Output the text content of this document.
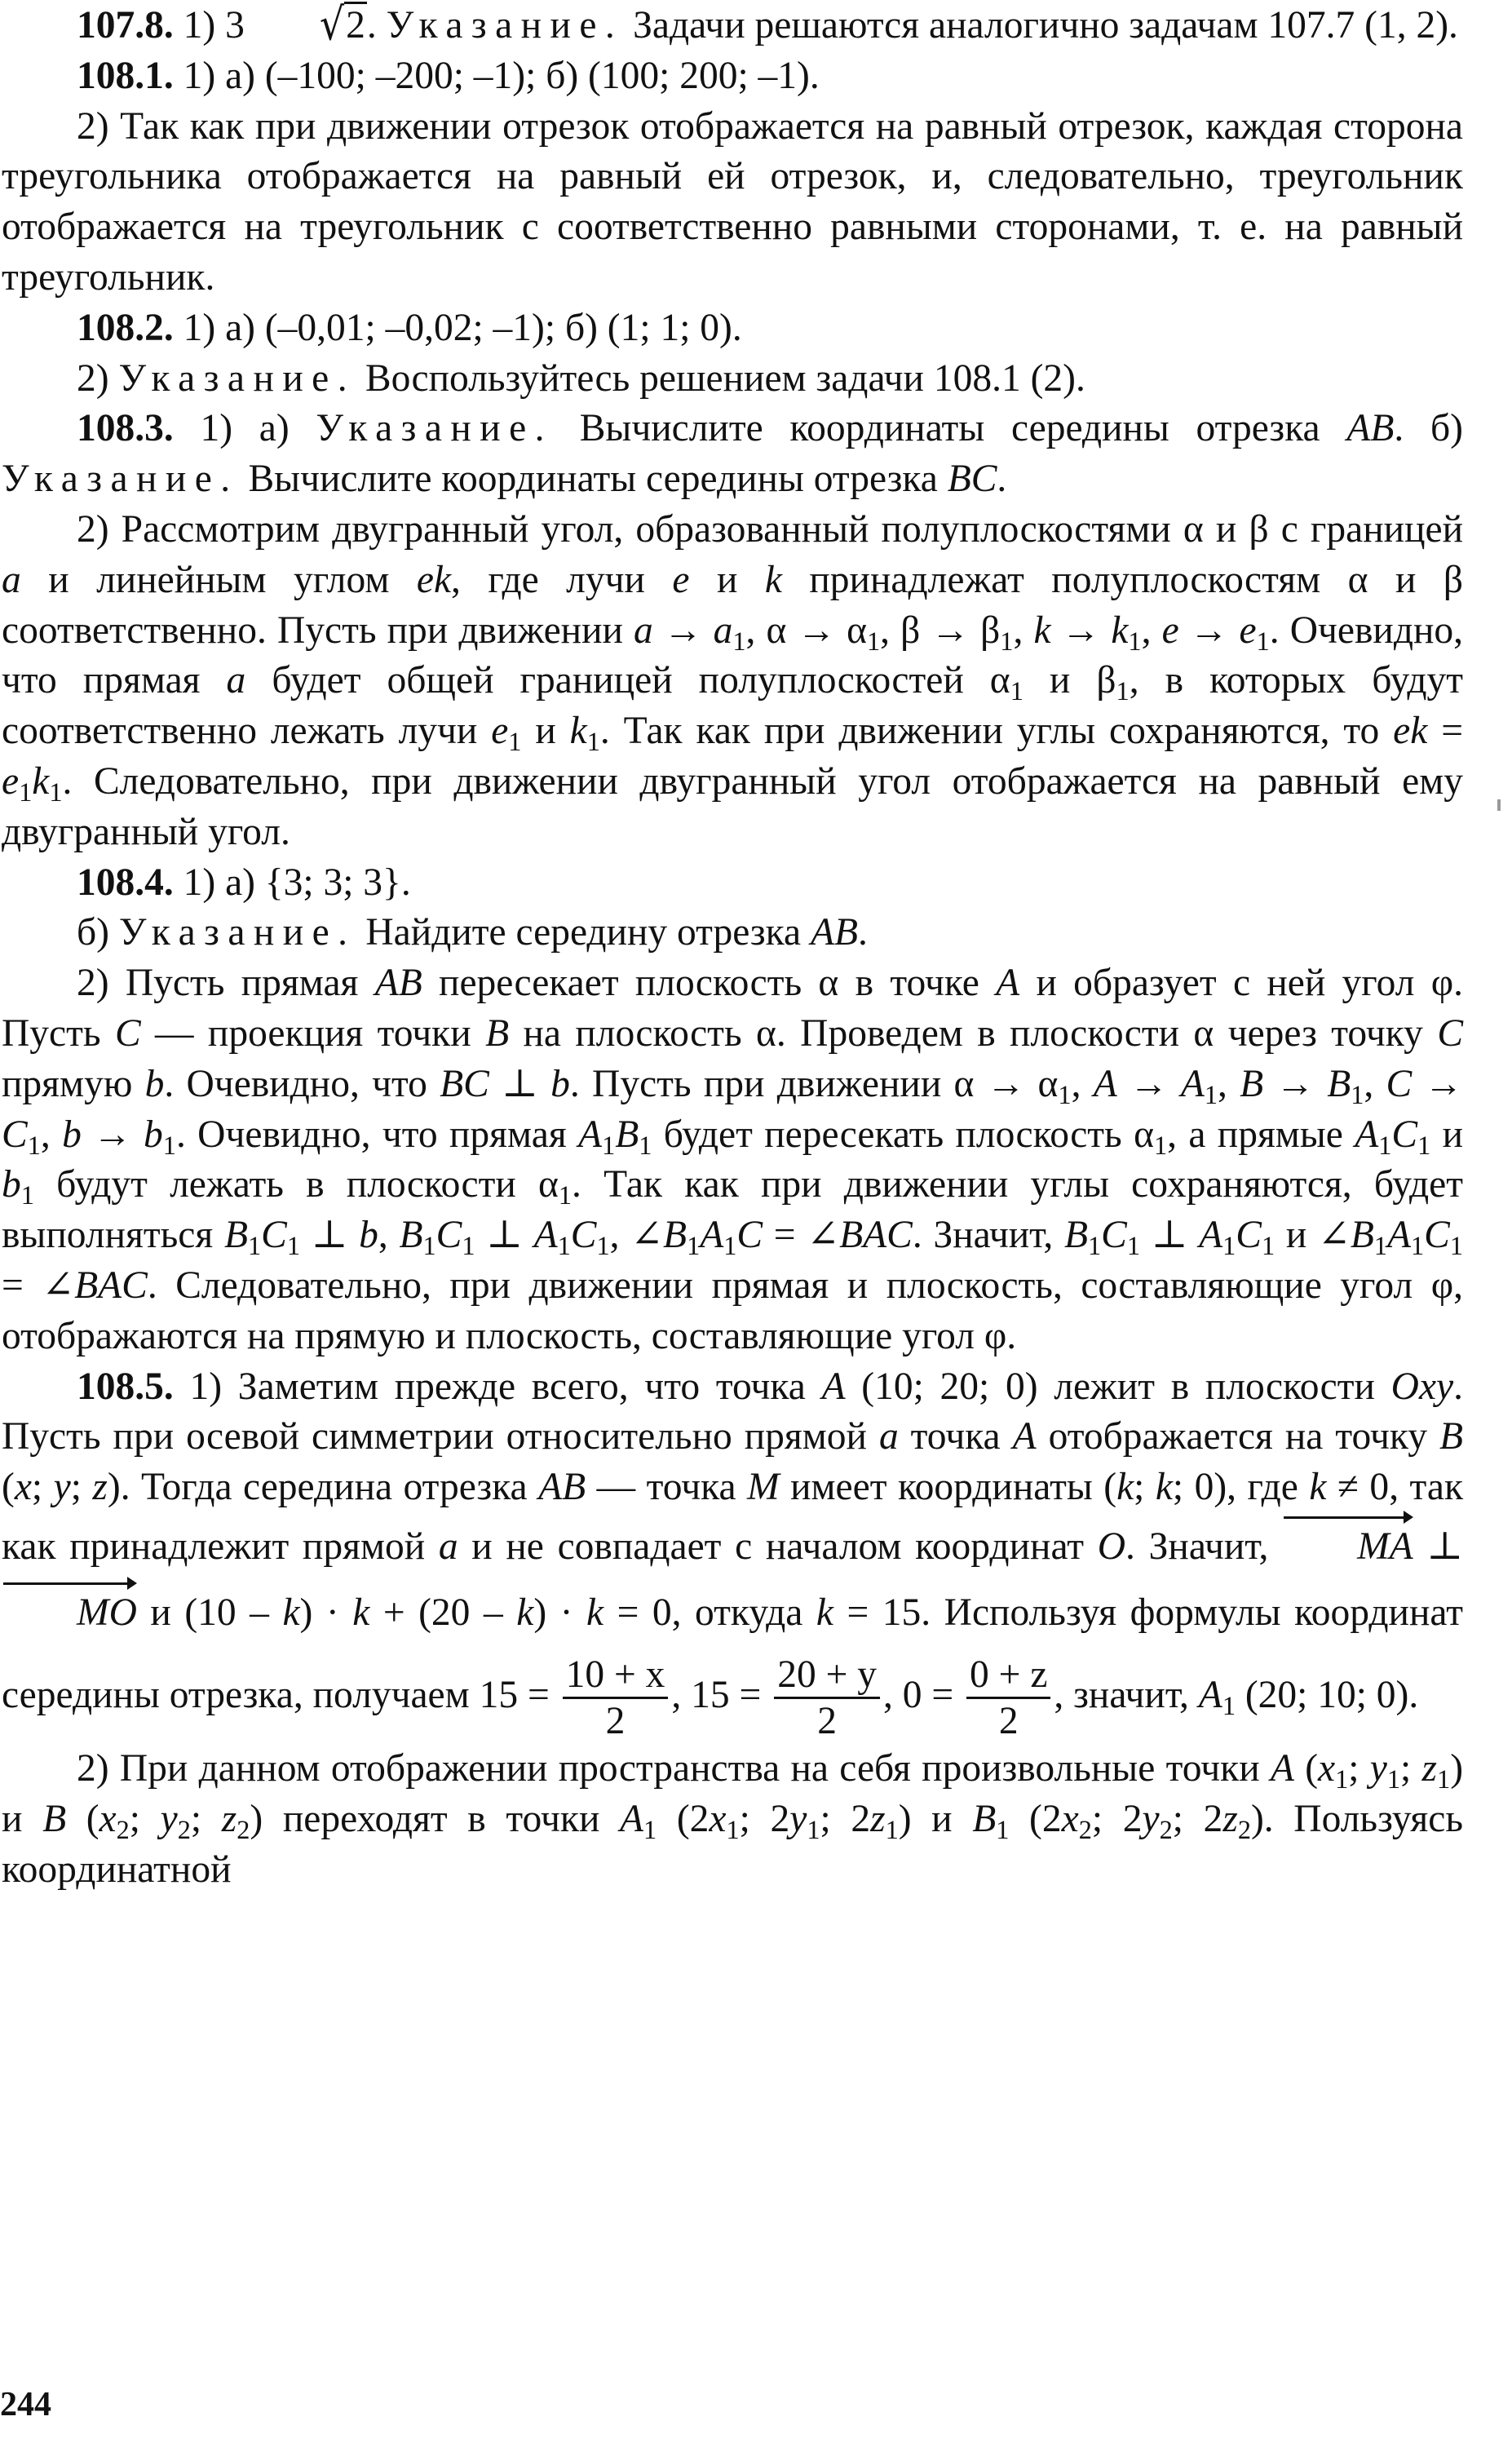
107.8. 1) 3 √2. Указание. Задачи решаются аналогично задачам 107.7 (1, 2).

108.1. 1) а) (–100; –200; –1); б) (100; 200; –1).

2) Так как при движении отрезок отображается на равный отрезок, каждая сторона треугольника отображается на равный ей отрезок, и, следовательно, треугольник отображается на треугольник с соответственно равными сторонами, т. е. на равный треугольник.

108.2. 1) а) (–0,01; –0,02; –1); б) (1; 1; 0).

2) Указание. Воспользуйтесь решением задачи 108.1 (2).

108.3. 1) а) Указание. Вычислите координаты середины отрезка AB. б) Указание. Вычислите координаты середины отрезка BC.

2) Рассмотрим двугранный угол, образованный полуплоскостями α и β с границей a и линейным углом ek, где лучи e и k принадлежат полуплоскостям α и β соответственно. Пусть при движении $a \to a_1$, $\alpha \to \alpha_1$, $\beta \to \beta_1$, $k \to k_1$, $e \to e_1$. Очевидно, что прямая a будет общей границей полуплоскостей $\alpha_1$ и $\beta_1$, в которых будут соответственно лежать лучи $e_1$ и $k_1$. Так как при движении углы сохраняются, то ek = $e_1k_1$. Следовательно, при движении двугранный угол отображается на равный ему двугранный угол.

108.4. 1) а) {3; 3; 3}.

б) Указание. Найдите середину отрезка AB.

2) Пусть прямая AB пересекает плоскость α в точке A и образует с ней угол φ. Пусть C — проекция точки B на плоскость α. Проведем в плоскости α через точку C прямую b. Очевидно, что BC ⊥ b. Пусть при движении $\alpha \to \alpha_1$, $A \to A_1$, $B \to B_1$, $C \to C_1$, $b \to b_1$. Очевидно, что прямая $A_1B_1$ будет пересекать плоскость $\alpha_1$, а прямые $A_1C_1$ и $b_1$ будут лежать в плоскости $\alpha_1$. Так как при движении углы сохраняются, будет выполняться $B_1C_1$ ⊥ b, $B_1C_1$ ⊥ $A_1C_1$, $\angle B_1A_1C$ = ∠BAC. Значит, $B_1C_1$ ⊥ $A_1C_1$ и $\angle B_1A_1C_1$ = ∠BAC. Следовательно, при движении прямая и плоскость, составляющие угол φ, отображаются на прямую и плоскость, составляющие угол φ.

108.5. 1) Заметим прежде всего, что точка A (10; 20; 0) лежит в плоскости Oxy. Пусть при осевой симметрии относительно прямой a точка A отображается на точку B (x; y; z). Тогда середина отрезка AB — точка M имеет координаты (k; k; 0), где k ≠ 0, так как принадлежит прямой a и не совпадает с началом координат O. Значит, MA ⊥ MO и (10 – k) · k + (20 – k) · k = 0, откуда k = 15. Используя формулы координат середины отрезка, получаем $15 = \frac{10 + x}{2}$ , $15 = \frac{20 + y}{2}$ , $0 = \frac{0 + z}{2}$ , значит, $A_1$ (20; 10; 0).

2) При данном отображении пространства на себя произвольные точки A ($x_1$; $y_1$; $z_1$) и B ($x_2$; $y_2$; $z_2$) переходят в точки $A_1$ ($2x_1$; $2y_1$; $2z_1$) и $B_1$ ($2x_2$; $2y_2$; $2z_2$). Пользуясь координатной

244
